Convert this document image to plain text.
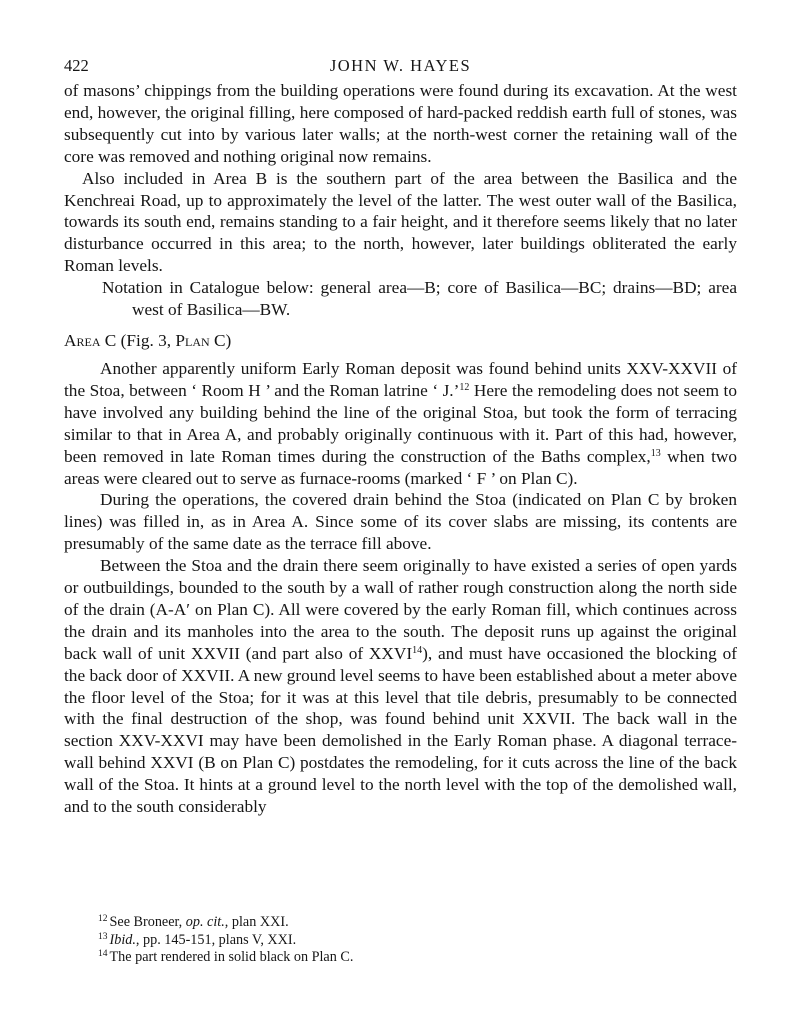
422	JOHN W. HAYES

of masons’ chippings from the building operations were found during its excavation. At the west end, however, the original filling, here composed of hard-packed reddish earth full of stones, was subsequently cut into by various later walls; at the north-west corner the retaining wall of the core was removed and nothing original now remains.

Also included in Area B is the southern part of the area between the Basilica and the Kenchreai Road, up to approximately the level of the latter. The west outer wall of the Basilica, towards its south end, remains standing to a fair height, and it therefore seems likely that no later disturbance occurred in this area; to the north, however, later buildings obliterated the early Roman levels.

Notation in Catalogue below: general area—B; core of Basilica—BC; drains—BD; area west of Basilica—BW.

Area C (Fig. 3, Plan C)

Another apparently uniform Early Roman deposit was found behind units XXV-XXVII of the Stoa, between ‘ Room H ’ and the Roman latrine ‘ J.’$^{12}$ Here the remodeling does not seem to have involved any building behind the line of the original Stoa, but took the form of terracing similar to that in Area A, and probably originally continuous with it. Part of this had, however, been removed in late Roman times during the construction of the Baths complex,$^{13}$ when two areas were cleared out to serve as furnace-rooms (marked ‘ F ’ on Plan C).

During the operations, the covered drain behind the Stoa (indicated on Plan C by broken lines) was filled in, as in Area A. Since some of its cover slabs are missing, its contents are presumably of the same date as the terrace fill above.

Between the Stoa and the drain there seem originally to have existed a series of open yards or outbuildings, bounded to the south by a wall of rather rough construction along the north side of the drain (A-A′ on Plan C). All were covered by the early Roman fill, which continues across the drain and its manholes into the area to the south. The deposit runs up against the original back wall of unit XXVII (and part also of XXVI$^{14}$), and must have occasioned the blocking of the back door of XXVII. A new ground level seems to have been established about a meter above the floor level of the Stoa; for it was at this level that tile debris, presumably to be connected with the final destruction of the shop, was found behind unit XXVII. The back wall in the section XXV-XXVI may have been demolished in the Early Roman phase. A diagonal terrace-wall behind XXVI (B on Plan C) postdates the remodeling, for it cuts across the line of the back wall of the Stoa. It hints at a ground level to the north level with the top of the demolished wall, and to the south considerably

$^{12}$ See Broneer, op. cit., plan XXI.

$^{13}$ Ibid., pp. 145-151, plans V, XXI.

$^{14}$ The part rendered in solid black on Plan C.
